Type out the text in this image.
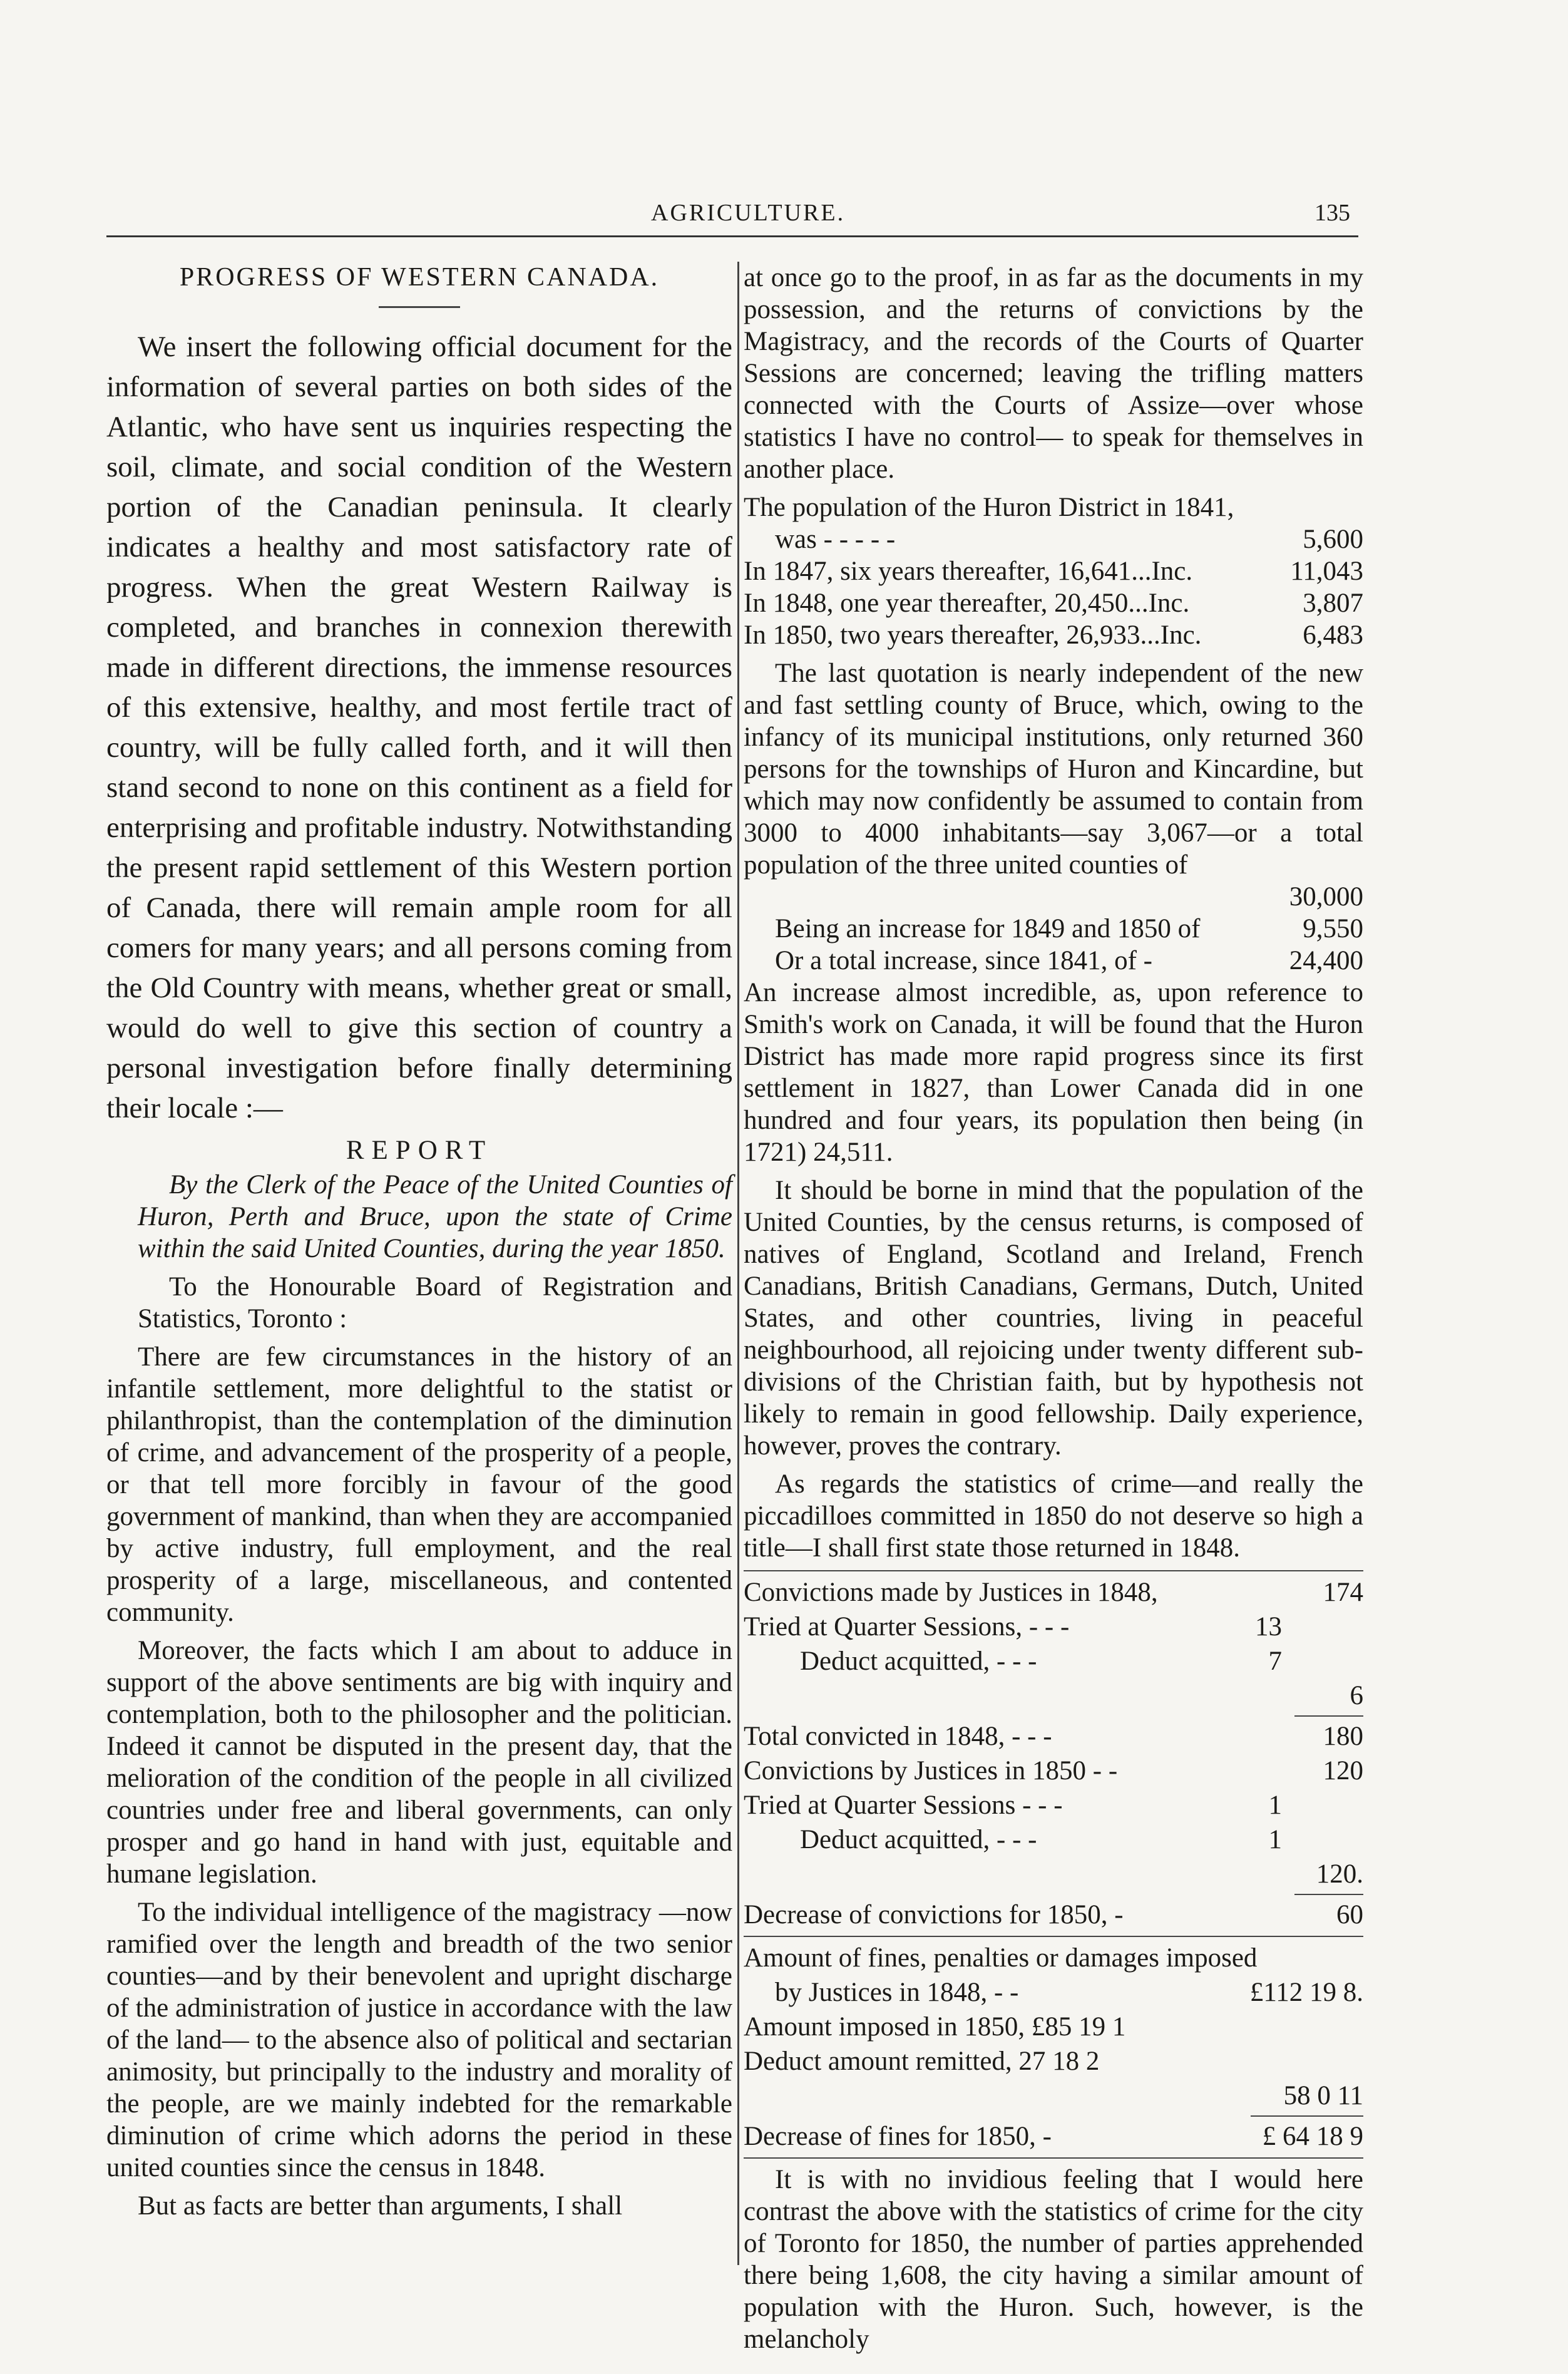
AGRICULTURE.	135
PROGRESS OF WESTERN CANADA.

We insert the following official document for the information of several parties on both sides of the Atlantic, who have sent us inquiries respecting the soil, climate, and social condition of the Western portion of the Canadian peninsula. It clearly indicates a healthy and most satisfactory rate of progress. When the great Western Railway is completed, and branches in connexion therewith made in different directions, the immense resources of this extensive, healthy, and most fertile tract of country, will be fully called forth, and it will then stand second to none on this continent as a field for enterprising and profitable industry. Notwithstanding the present rapid settlement of this Western portion of Canada, there will remain ample room for all comers for many years; and all persons coming from the Old Country with means, whether great or small, would do well to give this section of country a personal investigation before finally determining their locale :—

REPORT

By the Clerk of the Peace of the United Counties of Huron, Perth and Bruce, upon the state of Crime within the said United Counties, during the year 1850.

To the Honourable Board of Registration and Statistics, Toronto :

There are few circumstances in the history of an infantile settlement, more delightful to the statist or philanthropist, than the contemplation of the diminution of crime, and advancement of the prosperity of a people, or that tell more forcibly in favour of the good government of mankind, than when they are accompanied by active industry, full employment, and the real prosperity of a large, miscellaneous, and contented community.

Moreover, the facts which I am about to adduce in support of the above sentiments are big with inquiry and contemplation, both to the philosopher and the politician. Indeed it cannot be disputed in the present day, that the melioration of the condition of the people in all civilized countries under free and liberal governments, can only prosper and go hand in hand with just, equitable and humane legislation.

To the individual intelligence of the magistracy —now ramified over the length and breadth of the two senior counties—and by their benevolent and upright discharge of the administration of justice in accordance with the law of the land— to the absence also of political and sectarian animosity, but principally to the industry and morality of the people, are we mainly indebted for the remarkable diminution of crime which adorns the period in these united counties since the census in 1848.

But as facts are better than arguments, I shall

at once go to the proof, in as far as the documents in my possession, and the returns of convictions by the Magistracy, and the records of the Courts of Quarter Sessions are concerned; leaving the trifling matters connected with the Courts of Assize—over whose statistics I have no control— to speak for themselves in another place.

The population of the Huron District in 1841,
was - - - - -	5,600
In 1847, six years thereafter, 16,641...Inc.	11,043
In 1848, one year thereafter, 20,450...Inc.	3,807
In 1850, two years thereafter, 26,933...Inc.	6,483

The last quotation is nearly independent of the new and fast settling county of Bruce, which, owing to the infancy of its municipal institutions, only returned 360 persons for the townships of Huron and Kincardine, but which may now confidently be assumed to contain from 3000 to 4000 inhabitants—say 3,067—or a total population of the three united counties of

30,000
Being an increase for 1849 and 1850 of	9,550
Or a total increase, since 1841, of -	24,400

An increase almost incredible, as, upon reference to Smith's work on Canada, it will be found that the Huron District has made more rapid progress since its first settlement in 1827, than Lower Canada did in one hundred and four years, its population then being (in 1721) 24,511.

It should be borne in mind that the population of the United Counties, by the census returns, is composed of natives of England, Scotland and Ireland, French Canadians, British Canadians, Germans, Dutch, United States, and other countries, living in peaceful neighbourhood, all rejoicing under twenty different sub-divisions of the Christian faith, but by hypothesis not likely to remain in good fellowship. Daily experience, however, proves the contrary.

As regards the statistics of crime—and really the piccadilloes committed in 1850 do not deserve so high a title—I shall first state those returned in 1848.

Convictions made by Justices in 1848,	174
Tried at Quarter Sessions, - - -	13
Deduct acquitted, - - -	7
6
Total convicted in 1848, - - -	180
Convictions by Justices in 1850 - -	120
Tried at Quarter Sessions - - -	1
Deduct acquitted, - - -	1
120.
Decrease of convictions for 1850, -	60
Amount of fines, penalties or damages imposed
by Justices in 1848, - -	£112 19 8.
Amount imposed in 1850, £85 19 1
Deduct amount remitted, 27 18 2
58 0 11
Decrease of fines for 1850, -	£ 64 18 9

It is with no invidious feeling that I would here contrast the above with the statistics of crime for the city of Toronto for 1850, the number of parties apprehended there being 1,608, the city having a similar amount of population with the Huron. Such, however, is the melancholy
